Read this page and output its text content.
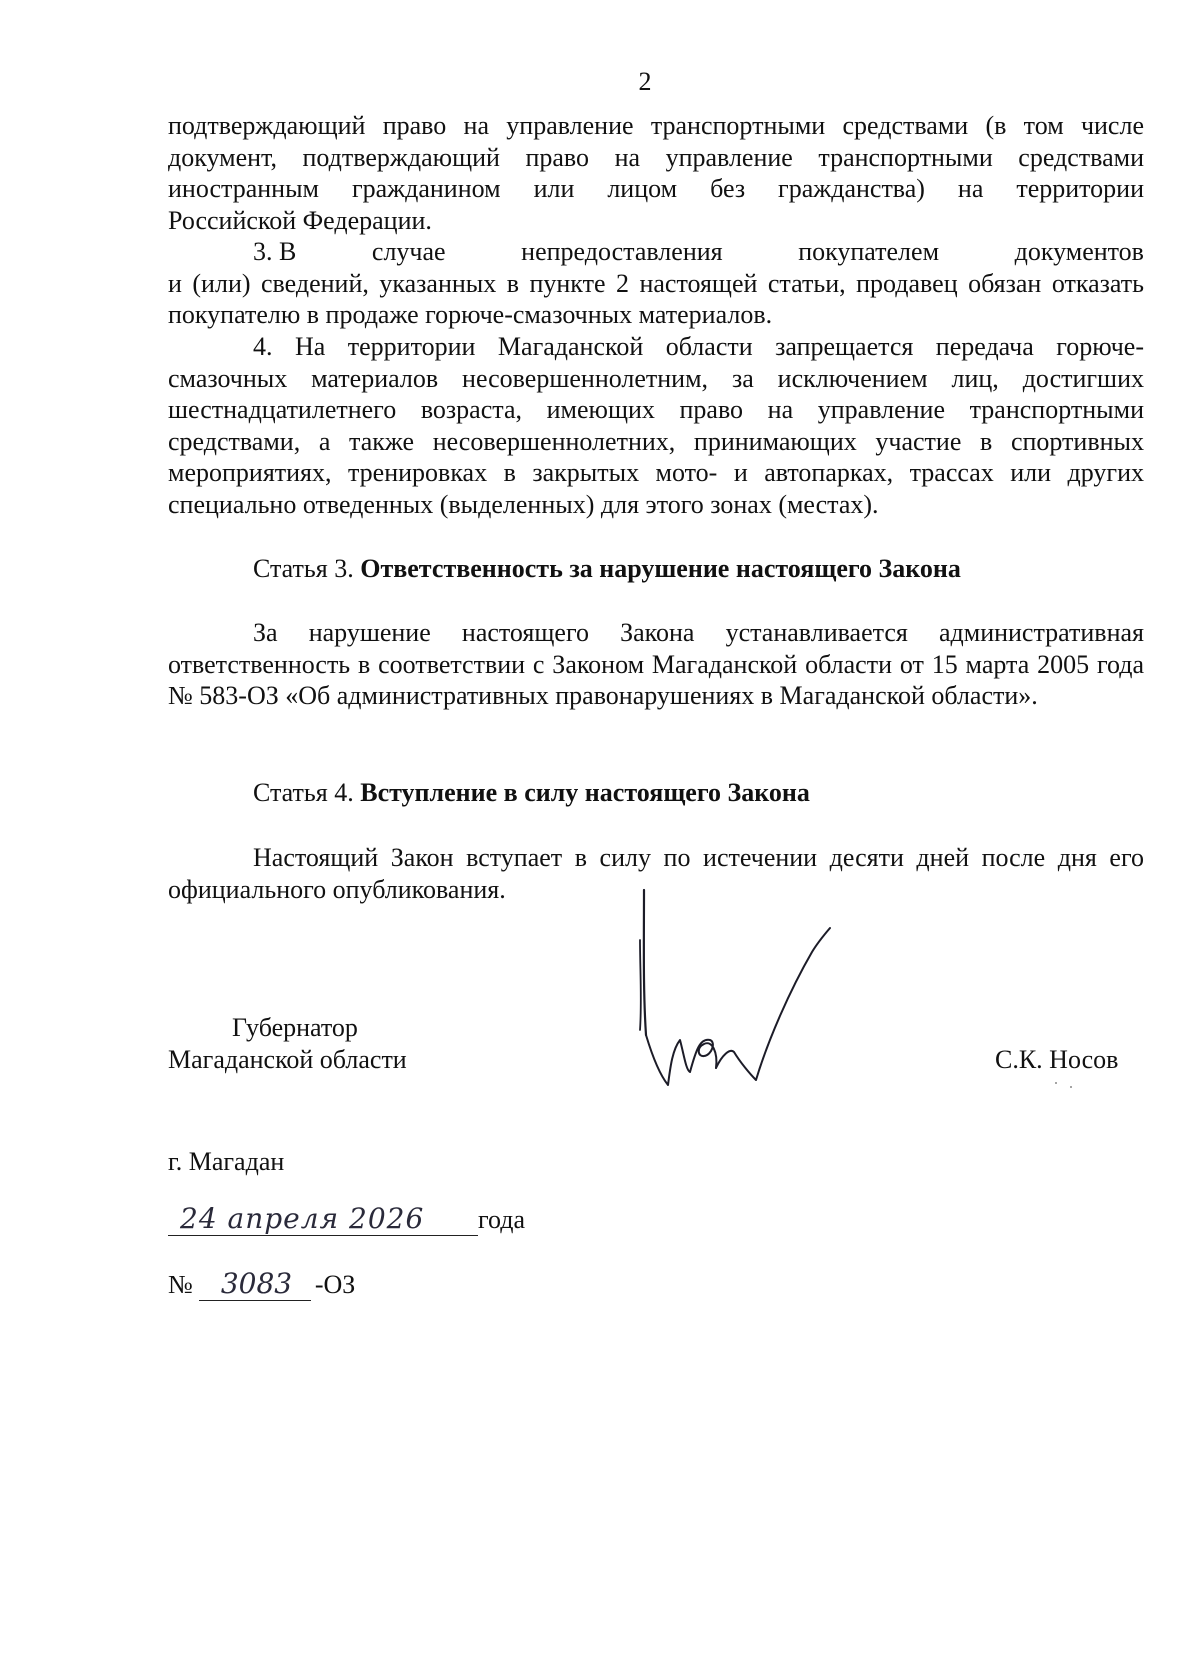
2

подтверждающий право на управление транспортными средствами (в том числе

документ, подтверждающий право на управление транспортными средствами

иностранным гражданином или лицом без гражданства) на территории

Российской Федерации.

3. В	случае	непредоставления	покупателем	документов

и (или) сведений, указанных в пункте 2 настоящей статьи, продавец обязан отказать покупателю в продаже горюче-смазочных материалов.

4. На территории Магаданской области запрещается передача горюче-смазочных материалов несовершеннолетним, за исключением лиц, достигших шестнадцатилетнего возраста, имеющих право на управление транспортными средствами, а также несовершеннолетних, принимающих участие в спортивных мероприятиях, тренировках в закрытых мото- и автопарках, трассах или других специально отведенных (выделенных) для этого зонах (местах).

Статья 3. Ответственность за нарушение настоящего Закона

За нарушение настоящего Закона устанавливается административная ответственность в соответствии с Законом Магаданской области от 15 марта 2005 года № 583-ОЗ «Об административных правонарушениях в Магаданской области».

Статья 4. Вступление в силу настоящего Закона

Настоящий Закон вступает в силу по истечении десяти дней после дня его официального опубликования.

Губернатор
Магаданской области	С.К. Носов
г. Магадан
24 апреля 2026 года
№ 3083 -ОЗ
